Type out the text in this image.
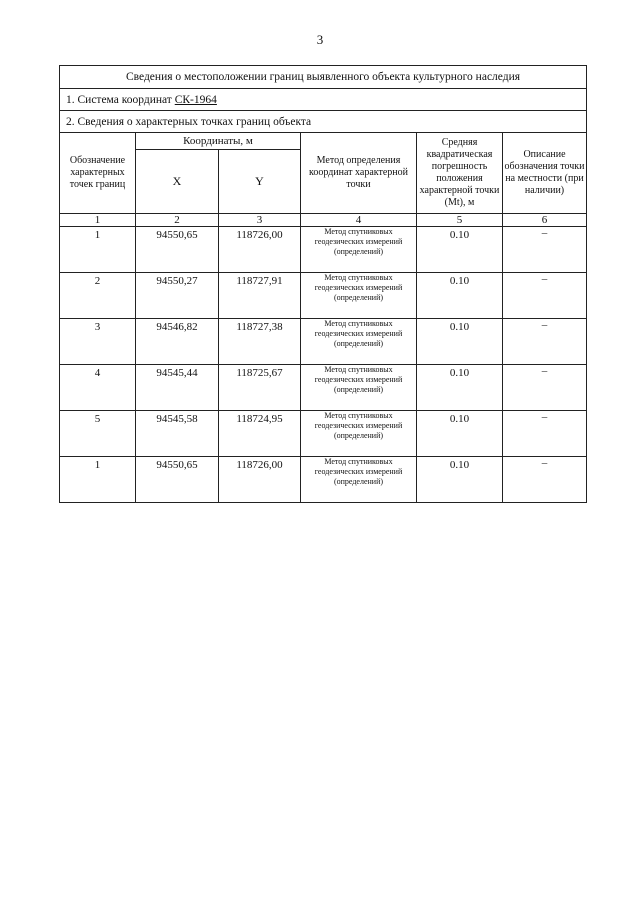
3
Сведения о местоположении границ выявленного объекта культурного наследия					
1. Система координат СК-1964					
2. Сведения о характерных точках границ объекта					
Обозначение характерных точек границ	Координаты, м		Метод определения координат характерной точки	Средняя квадратическая погрешность положения характерной точки (Mt), м	Описание обозначения точки на местности (при наличии)
	X	Y			
1	2	3	4	5	6
1	94550,65	118726,00	Метод спутниковых геодезических измерений (определений)	0.10	–
2	94550,27	118727,91	Метод спутниковых геодезических измерений (определений)	0.10	–
3	94546,82	118727,38	Метод спутниковых геодезических измерений (определений)	0.10	–
4	94545,44	118725,67	Метод спутниковых геодезических измерений (определений)	0.10	–
5	94545,58	118724,95	Метод спутниковых геодезических измерений (определений)	0.10	–
1	94550,65	118726,00	Метод спутниковых геодезических измерений (определений)	0.10	–
